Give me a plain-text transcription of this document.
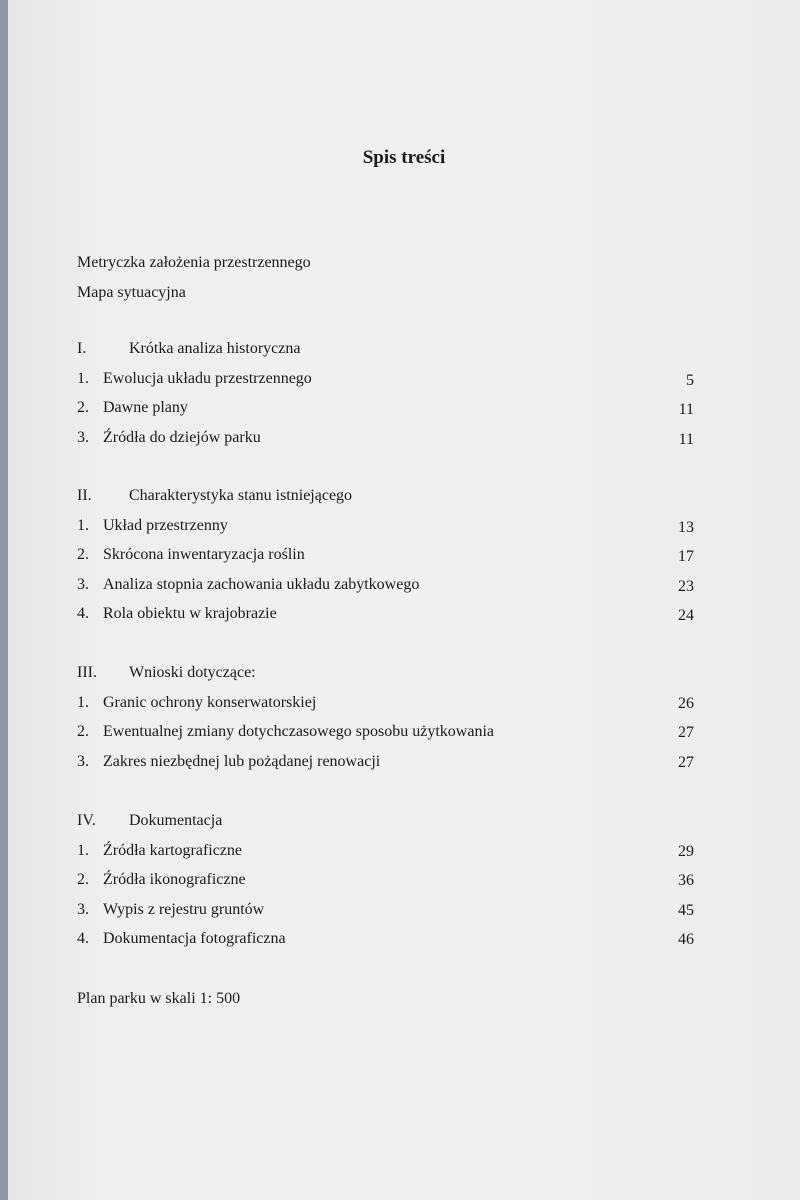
Spis treści
Metryczka założenia przestrzennego
Mapa sytuacyjna
I.	Krótka analiza historyczna
1. Ewolucja układu przestrzennego	5
2. Dawne plany	11
3. Źródła do dziejów parku	11
II. Charakterystyka stanu istniejącego
1. Układ przestrzenny	13
2. Skrócona inwentaryzacja roślin	17
3. Analiza stopnia zachowania układu zabytkowego	23
4. Rola obiektu w krajobrazie	24
III. Wnioski dotyczące:
1. Granic ochrony konserwatorskiej	26
2. Ewentualnej zmiany dotychczasowego sposobu użytkowania	27
3. Zakres niezbędnej lub pożądanej renowacji	27
IV. Dokumentacja
1. Źródła kartograficzne	29
2. Źródła ikonograficzne	36
3. Wypis z rejestru gruntów	45
4. Dokumentacja fotograficzna	46
Plan parku w skali 1: 500
